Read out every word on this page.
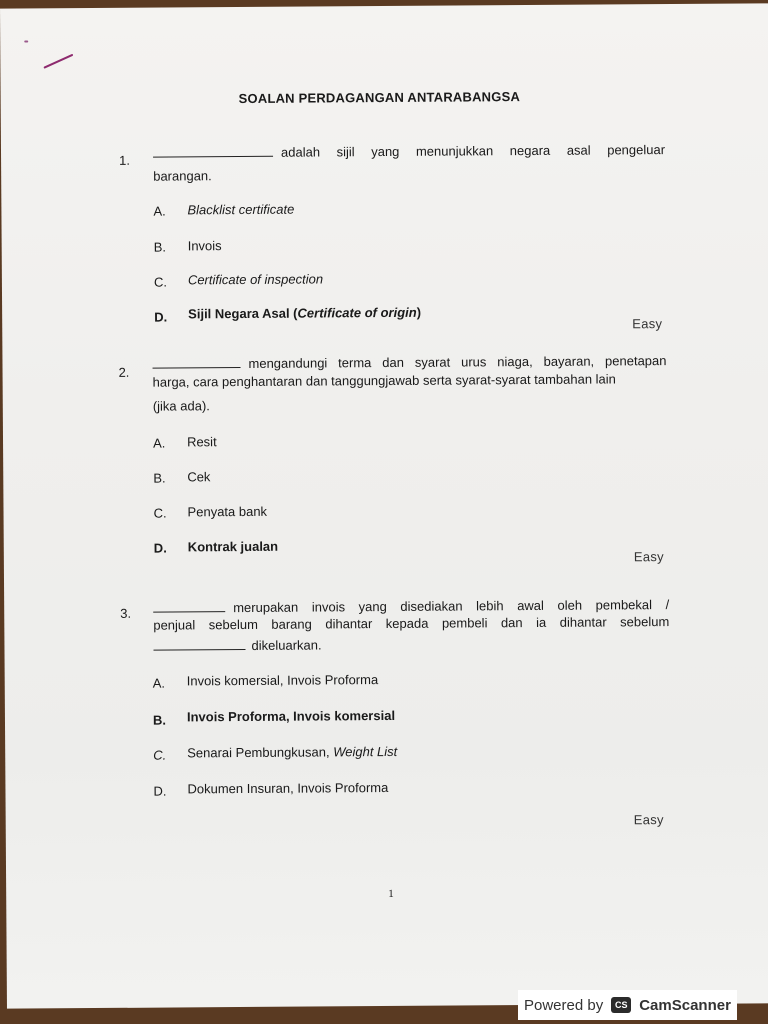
SOALAN PERDAGANGAN ANTARABANGSA
1.
adalah sijil yang menunjukkan negara asal pengeluar
barangan.
A. Blacklist certificate
B. Invois
C. Certificate of inspection
D. Sijil Negara Asal (Certificate of origin)
Easy
2.
mengandungi terma dan syarat urus niaga, bayaran, penetapan
harga, cara penghantaran dan tanggungjawab serta syarat-syarat tambahan lain
(jika ada).
A. Resit
B. Cek
C. Penyata bank
D. Kontrak jualan
Easy
3.	merupakan invois yang disediakan lebih awal oleh pembekal /
penjual sebelum barang dihantar kepada pembeli dan ia dihantar sebelum
dikeluarkan.
A. Invois komersial, Invois Proforma
B. Invois Proforma, Invois komersial
C. Senarai Pembungkusan, Weight List
D. Dokumen Insuran, Invois Proforma
Easy
1
Powered by	CS CamScanner
